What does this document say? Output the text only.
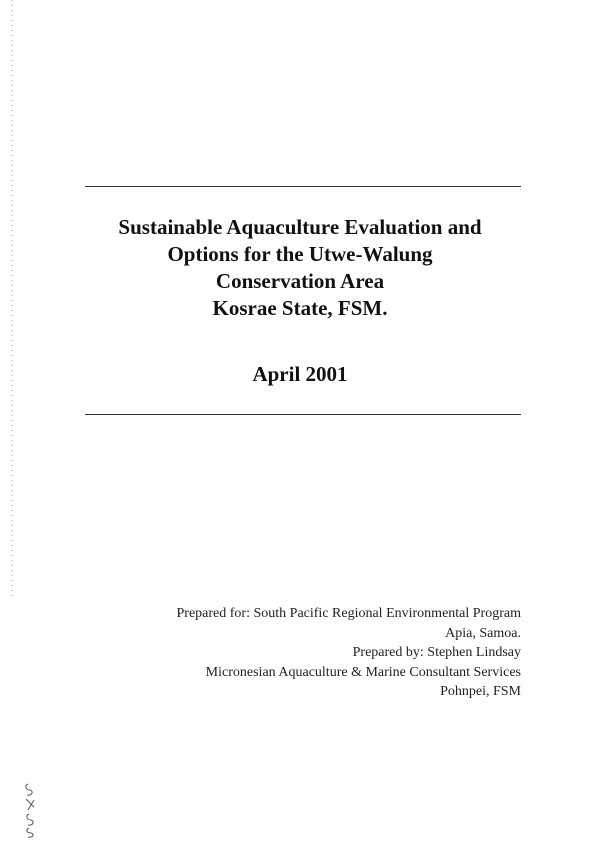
Sustainable Aquaculture Evaluation and
Options for the Utwe-Walung
Conservation Area
Kosrae State, FSM.
April 2001
Prepared for: South Pacific Regional Environmental Program
Apia, Samoa.
Prepared by: Stephen Lindsay
Micronesian Aquaculture & Marine Consultant Services
Pohnpei, FSM
